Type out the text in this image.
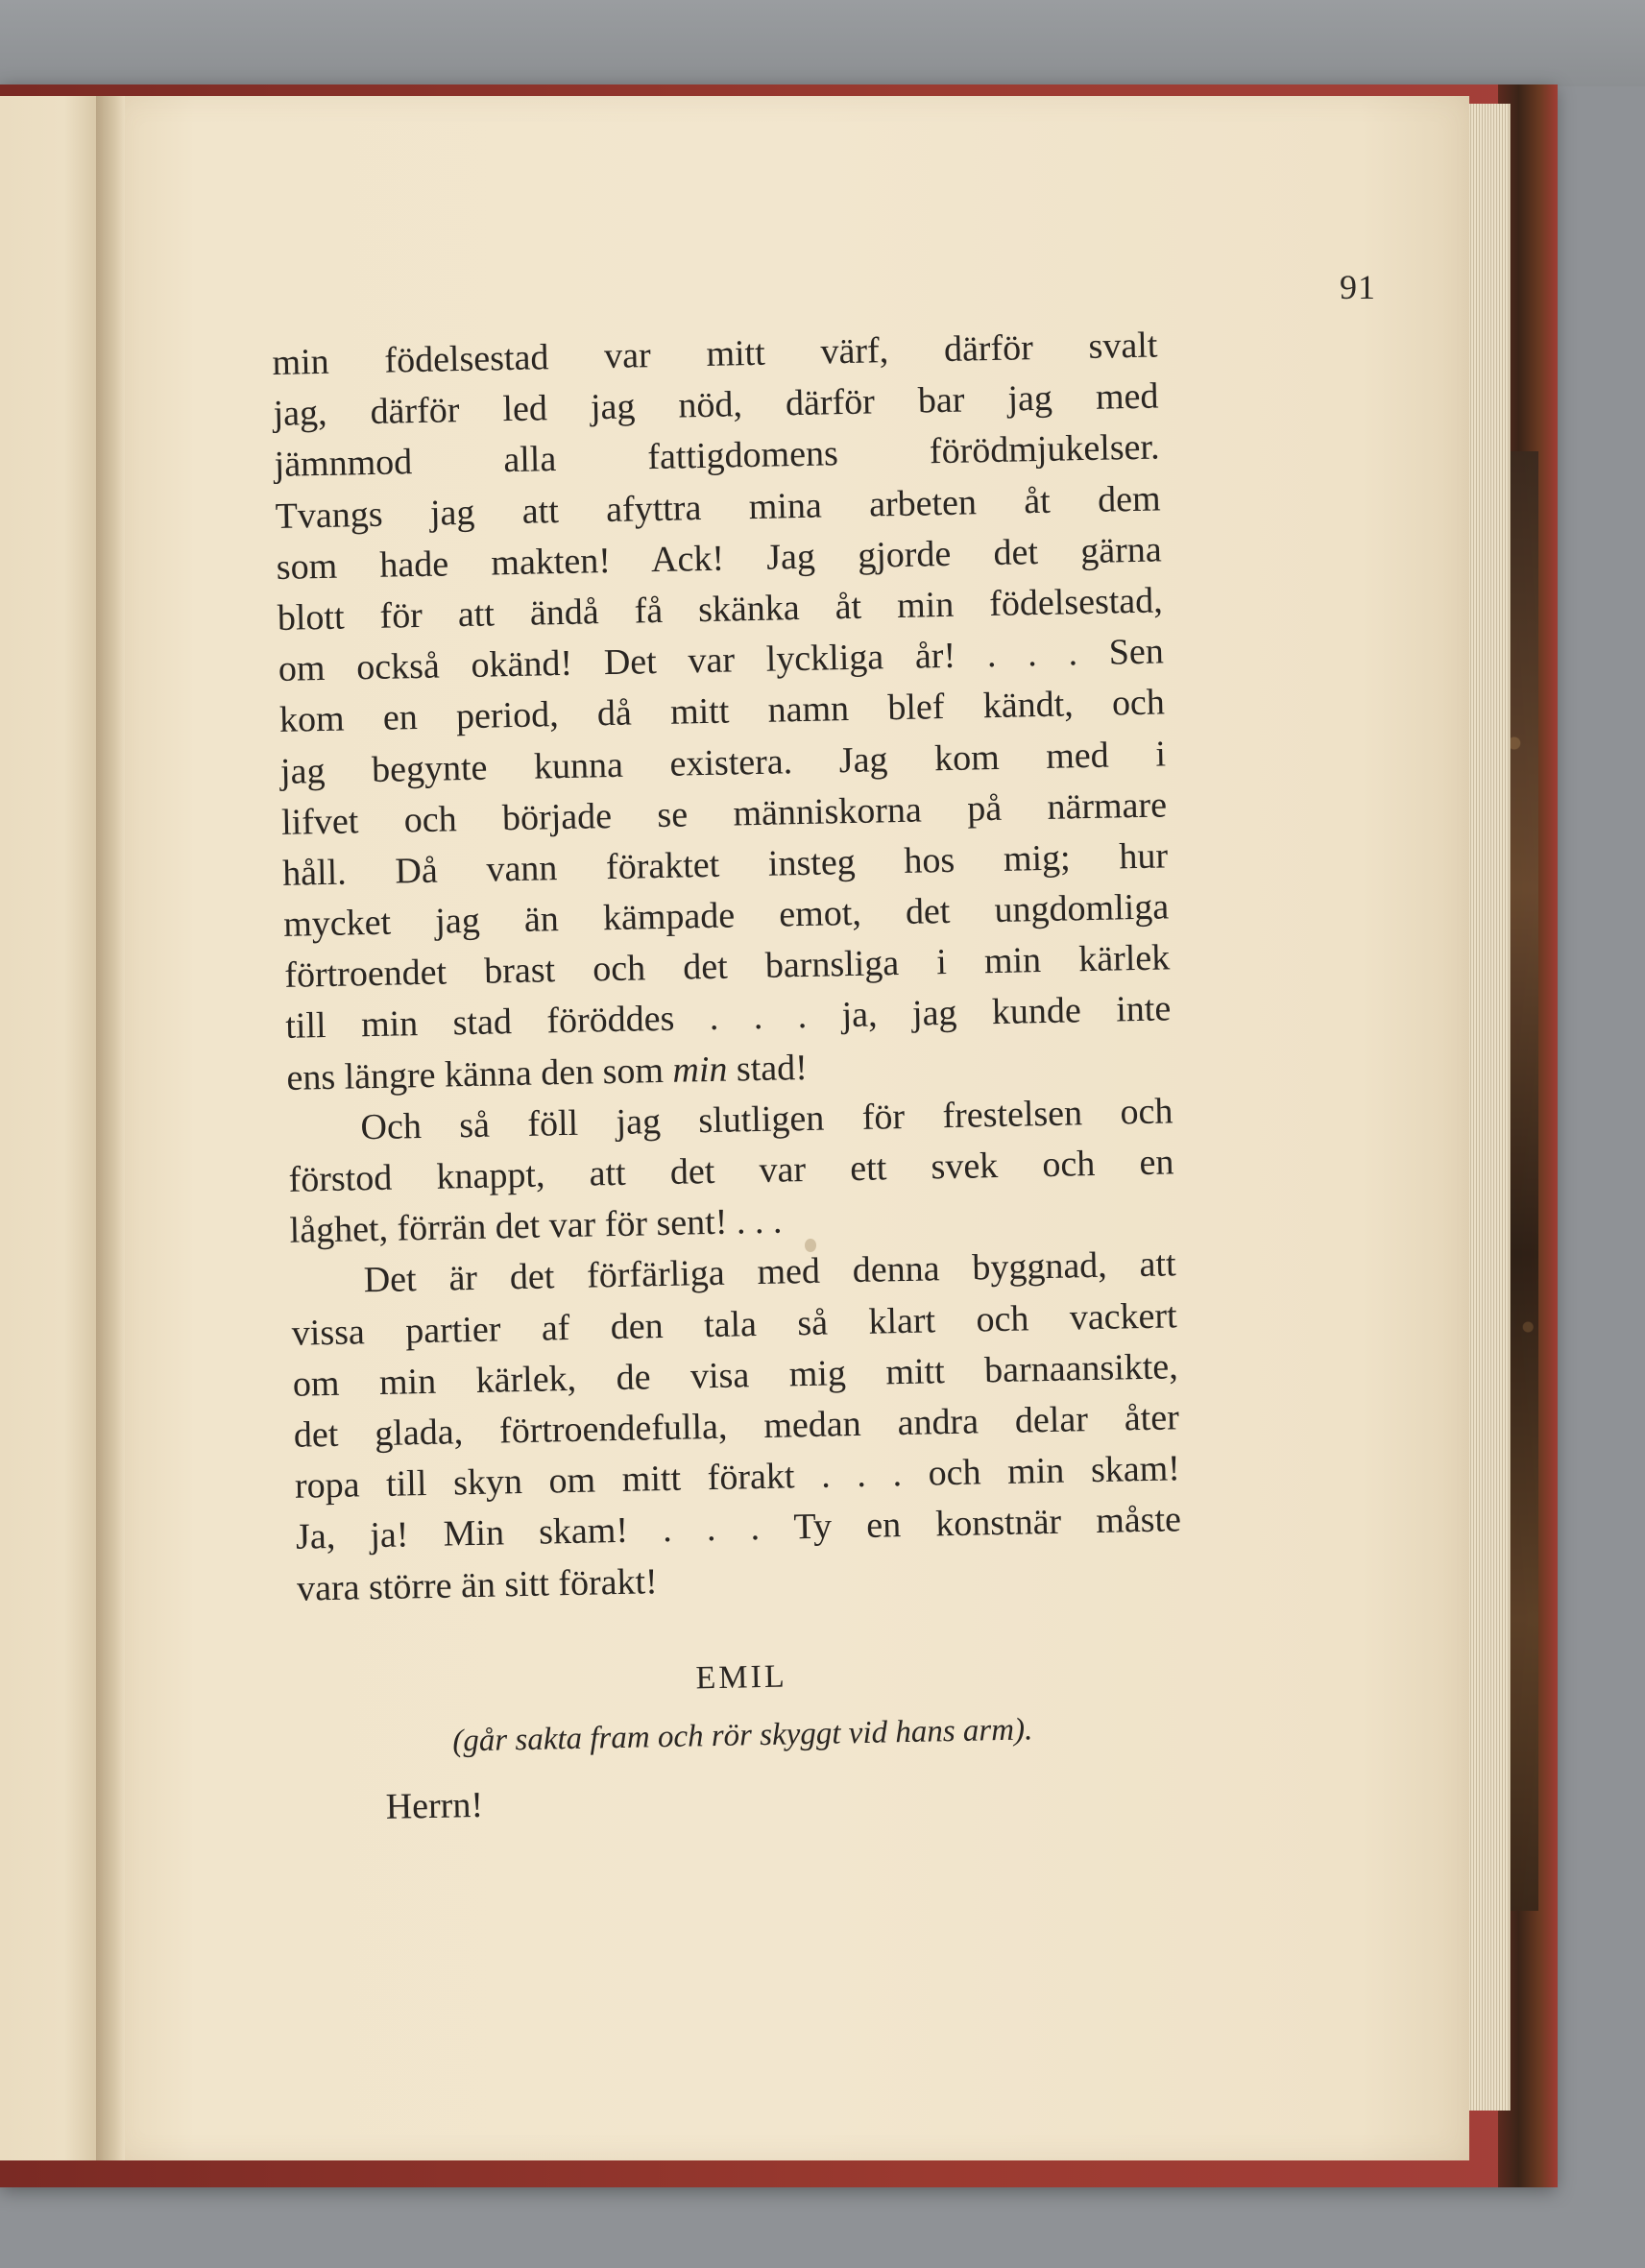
91
min födelsestad var mitt värf, därför svalt
jag, därför led jag nöd, därför bar jag med
jämnmod alla fattigdomens förödmjukelser.
Tvangs jag att afyttra mina arbeten åt dem
som hade makten! Ack! Jag gjorde det gärna
blott för att ändå få skänka åt min födelsestad,
om också okänd! Det var lyckliga år! . . . Sen
kom en period, då mitt namn blef kändt, och
jag begynte kunna existera. Jag kom med i
lifvet och började se människorna på närmare
håll. Då vann föraktet insteg hos mig; hur
mycket jag än kämpade emot, det ungdomliga
förtroendet brast och det barnsliga i min kärlek
till min stad föröddes . . . ja, jag kunde inte
ens längre känna den som min stad!
Och så föll jag slutligen för frestelsen och
förstod knappt, att det var ett svek och en
låghet, förrän det var för sent! . . .
Det är det förfärliga med denna byggnad, att
vissa partier af den tala så klart och vackert
om min kärlek, de visa mig mitt barnaansikte,
det glada, förtroendefulla, medan andra delar åter
ropa till skyn om mitt förakt . . . och min skam!
Ja, ja! Min skam! . . . Ty en konstnär måste
vara större än sitt förakt!
EMIL
(går sakta fram och rör skyggt vid hans arm).
Herrn!
